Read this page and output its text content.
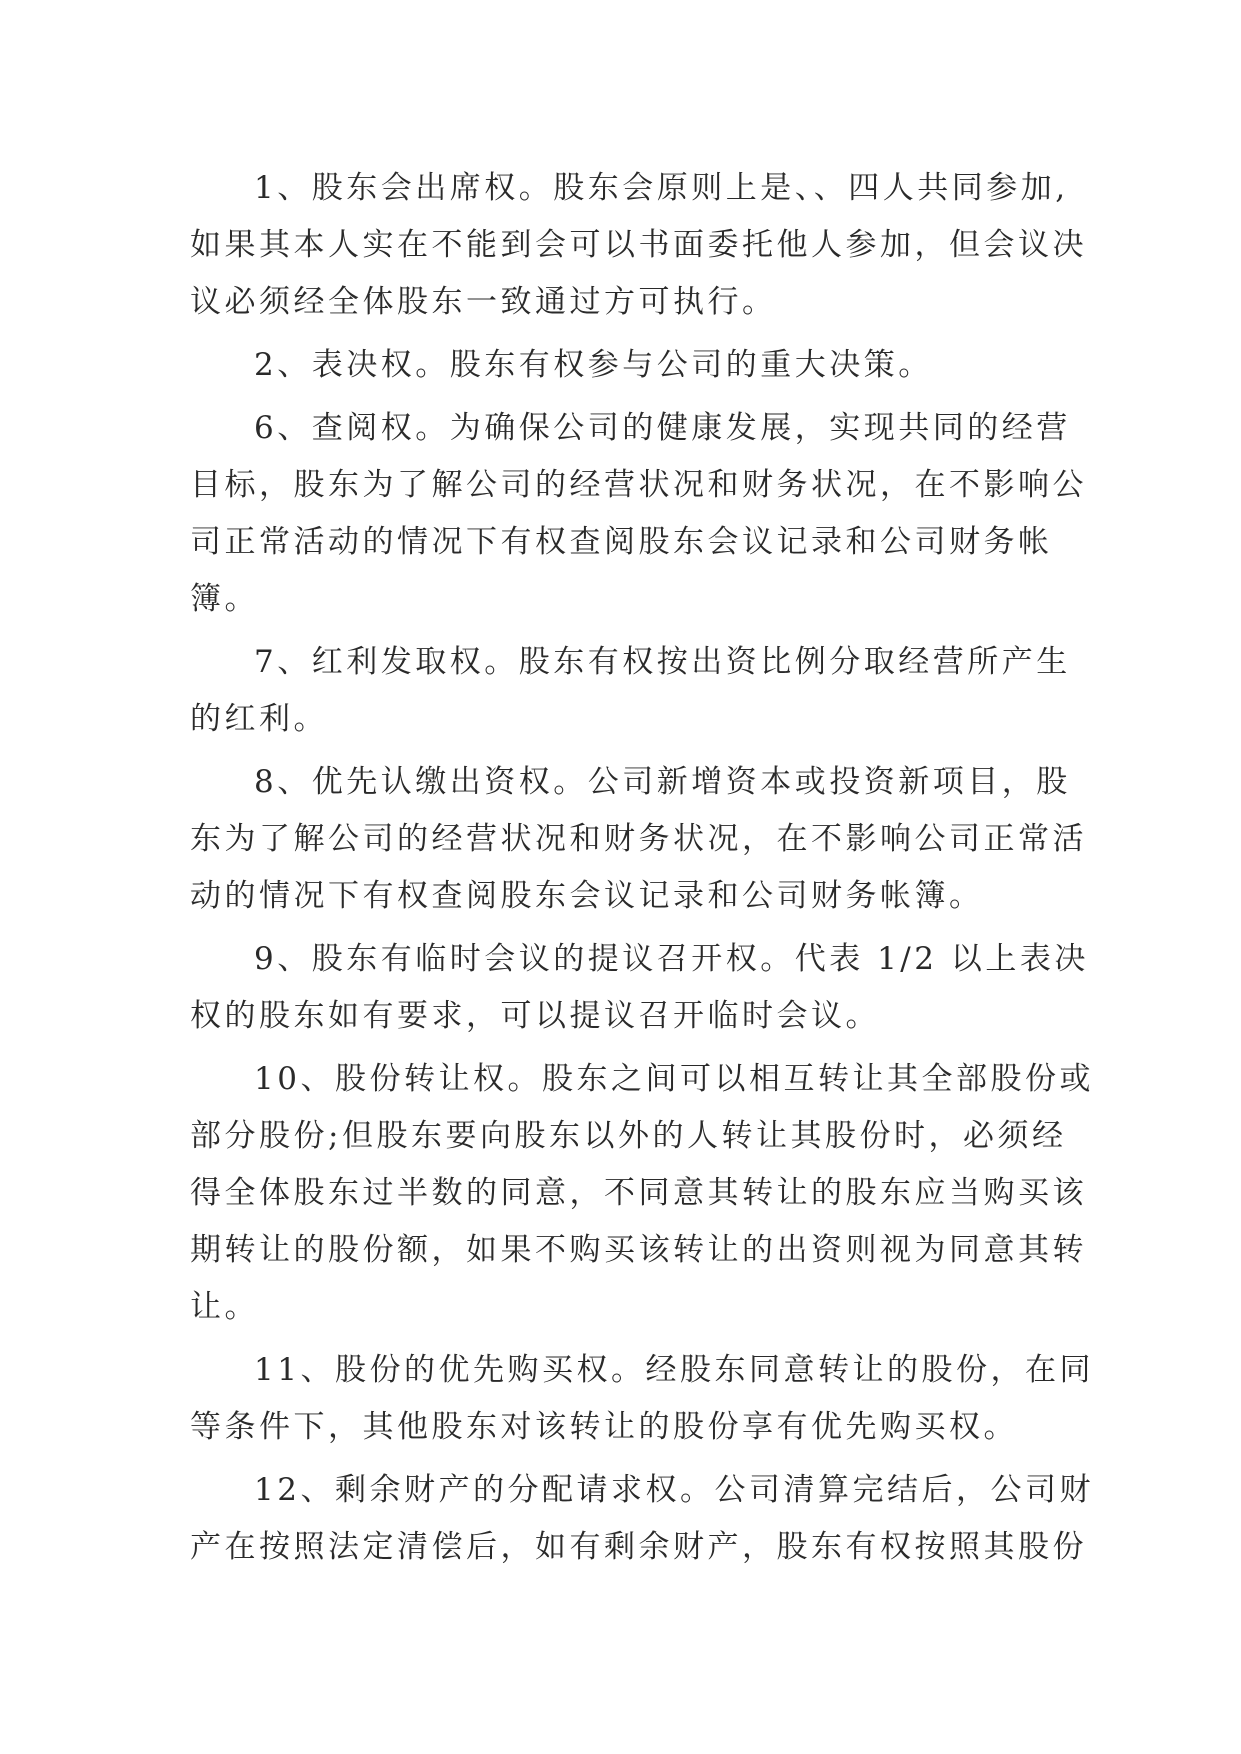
1、股东会出席权。股东会原则上是、、四人共同参加,
如果其本人实在不能到会可以书面委托他人参加，但会议决
议必须经全体股东一致通过方可执行。
2、表决权。股东有权参与公司的重大决策。
6、查阅权。为确保公司的健康发展，实现共同的经营
目标，股东为了解公司的经营状况和财务状况，在不影响公
司正常活动的情况下有权查阅股东会议记录和公司财务帐
簿。
7、红利发取权。股东有权按出资比例分取经营所产生
的红利。
8、优先认缴出资权。公司新增资本或投资新项目，股
东为了解公司的经营状况和财务状况，在不影响公司正常活
动的情况下有权查阅股东会议记录和公司财务帐簿。
9、股东有临时会议的提议召开权。代表 1/2 以上表决
权的股东如有要求，可以提议召开临时会议。
10、股份转让权。股东之间可以相互转让其全部股份或
部分股份;但股东要向股东以外的人转让其股份时，必须经
得全体股东过半数的同意，不同意其转让的股东应当购买该
期转让的股份额，如果不购买该转让的出资则视为同意其转
让。
11、股份的优先购买权。经股东同意转让的股份，在同
等条件下，其他股东对该转让的股份享有优先购买权。
12、剩余财产的分配请求权。公司清算完结后，公司财
产在按照法定清偿后，如有剩余财产，股东有权按照其股份
